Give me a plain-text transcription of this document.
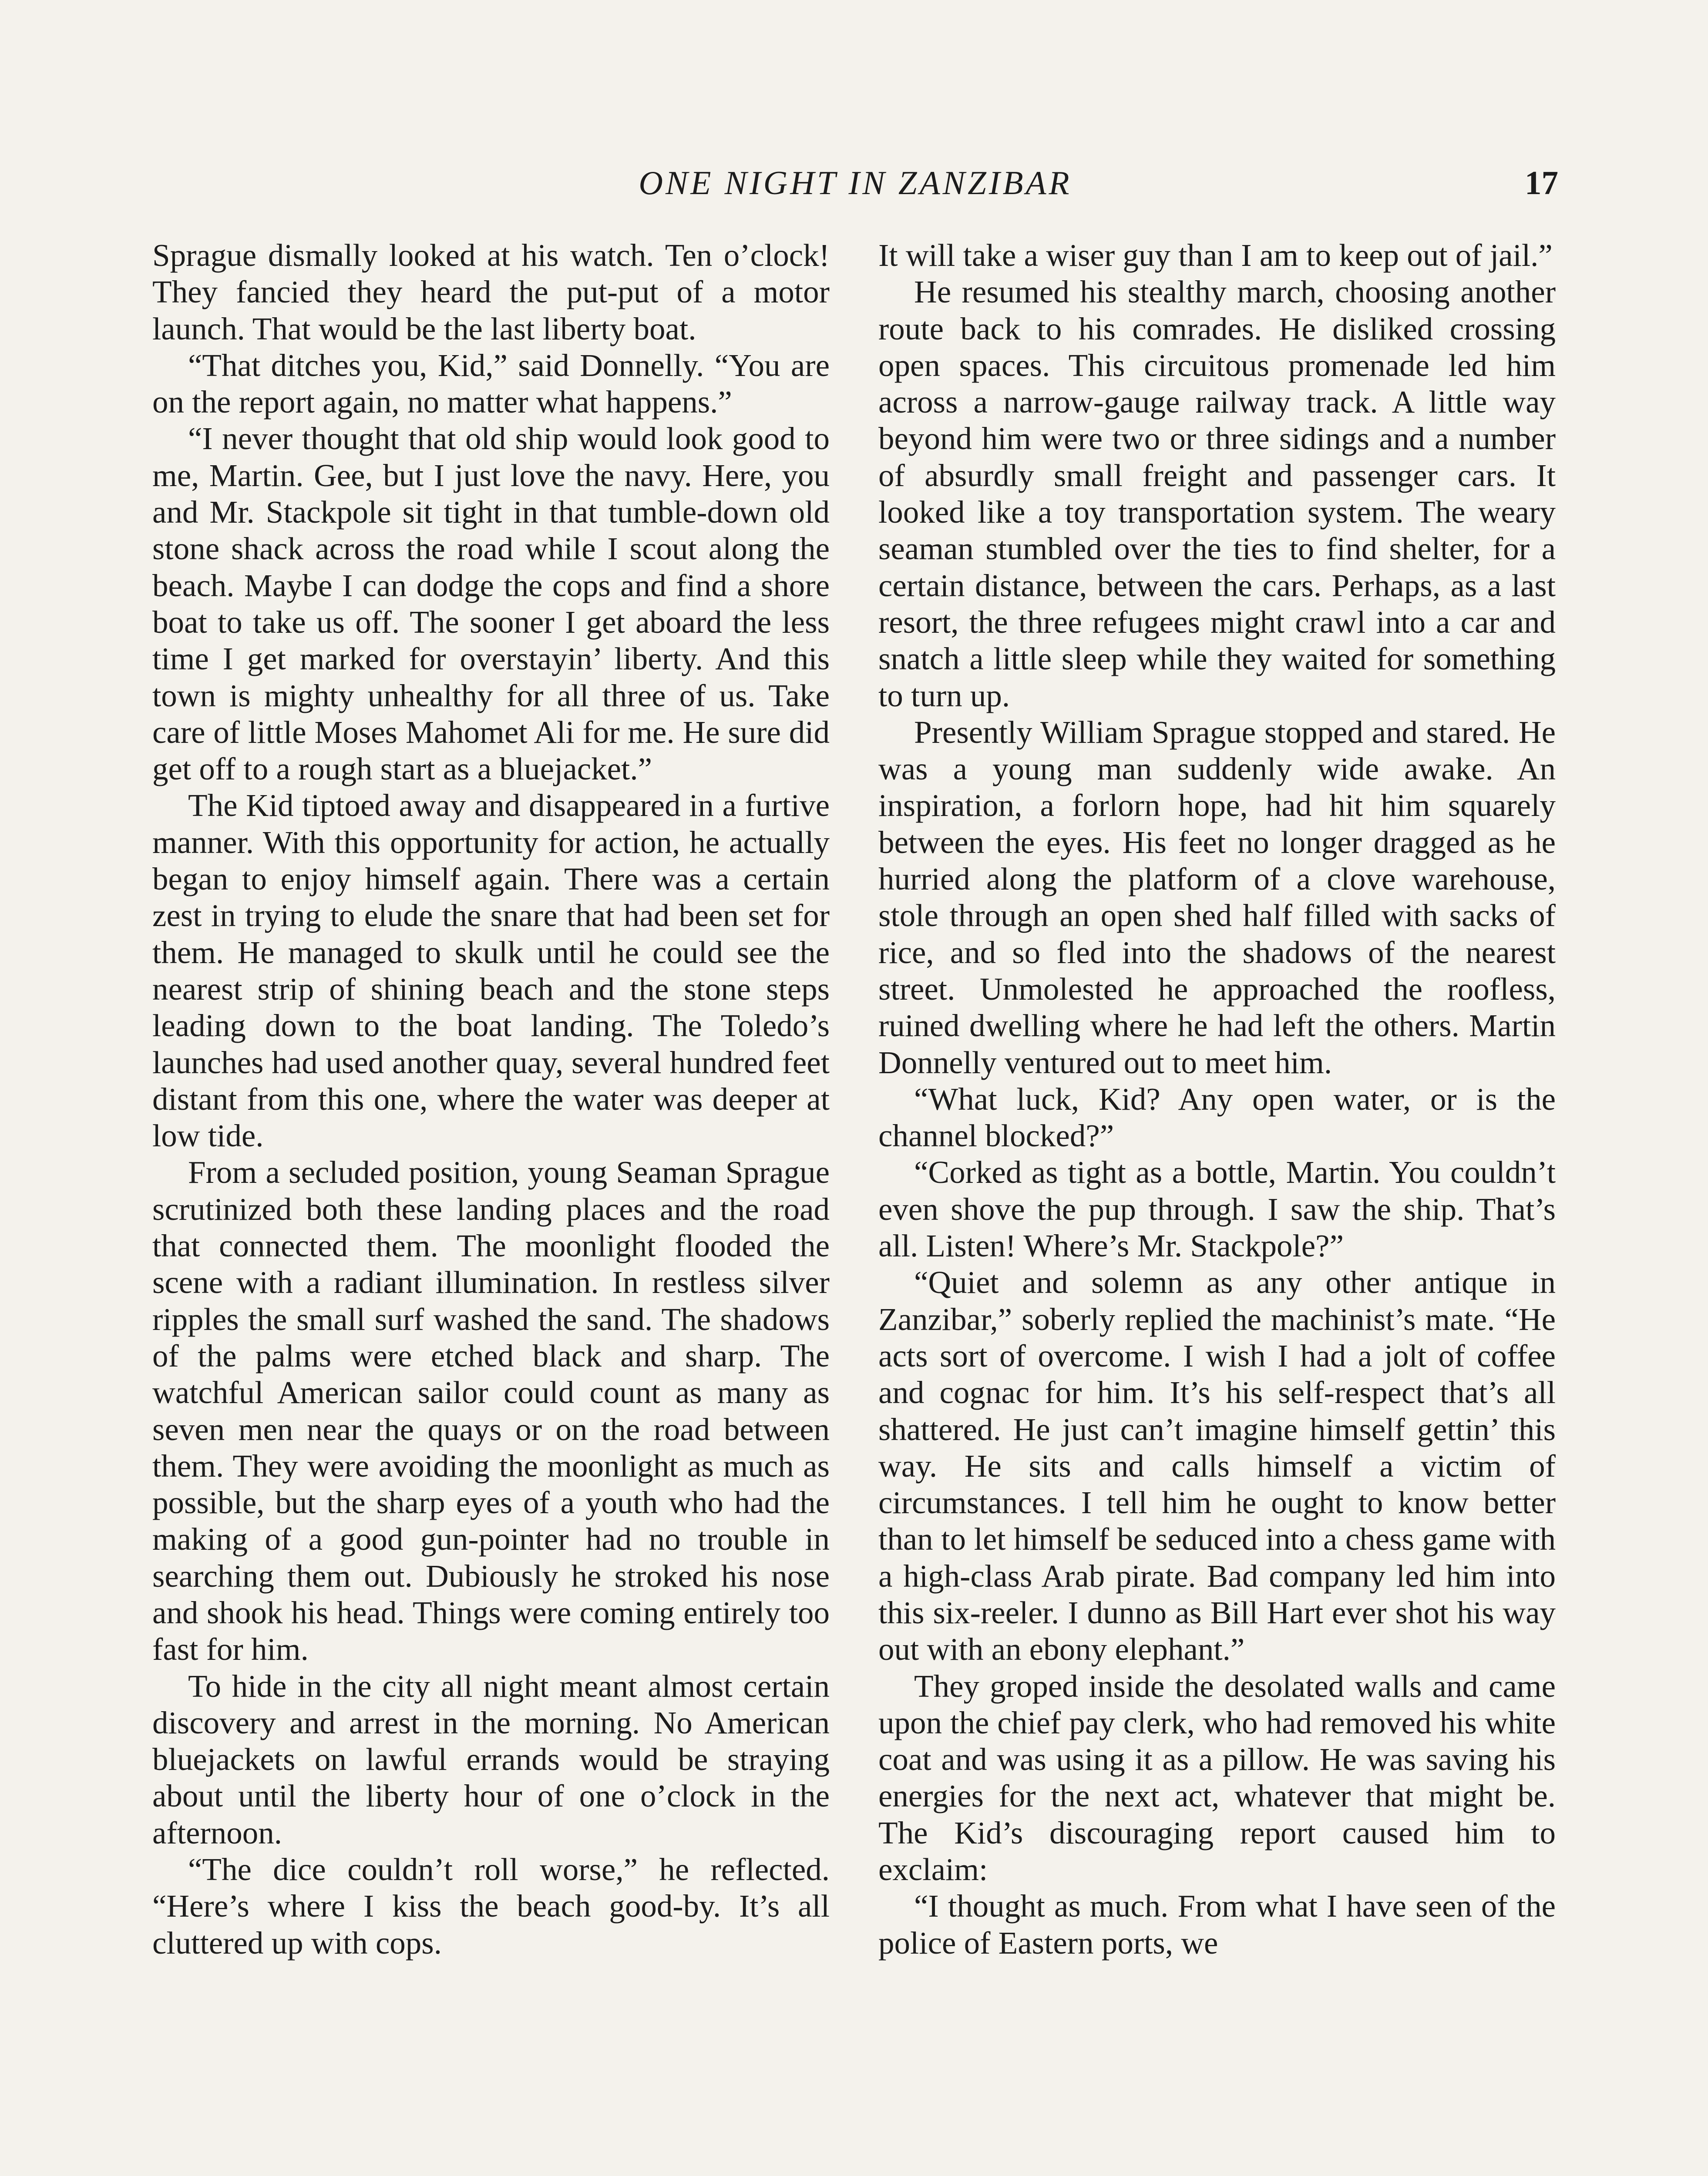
ONE NIGHT IN ZANZIBAR	17

Sprague dismally looked at his watch. Ten o’clock! They fancied they heard the put-put of a motor launch. That would be the last liberty boat.

“That ditches you, Kid,” said Donnelly. “You are on the report again, no matter what happens.”

“I never thought that old ship would look good to me, Martin. Gee, but I just love the navy. Here, you and Mr. Stackpole sit tight in that tumble-down old stone shack across the road while I scout along the beach. Maybe I can dodge the cops and find a shore boat to take us off. The sooner I get aboard the less time I get marked for overstayin’ liberty. And this town is mighty unhealthy for all three of us. Take care of little Moses Mahomet Ali for me. He sure did get off to a rough start as a bluejacket.”

The Kid tiptoed away and disappeared in a furtive manner. With this opportunity for action, he actually began to enjoy himself again. There was a certain zest in trying to elude the snare that had been set for them. He managed to skulk until he could see the nearest strip of shining beach and the stone steps leading down to the boat landing. The Toledo’s launches had used another quay, several hundred feet distant from this one, where the water was deeper at low tide.

From a secluded position, young Seaman Sprague scrutinized both these landing places and the road that connected them. The moonlight flooded the scene with a radiant illumination. In restless silver ripples the small surf washed the sand. The shadows of the palms were etched black and sharp. The watchful American sailor could count as many as seven men near the quays or on the road between them. They were avoiding the moonlight as much as possible, but the sharp eyes of a youth who had the making of a good gun-pointer had no trouble in searching them out. Dubiously he stroked his nose and shook his head. Things were coming entirely too fast for him.

To hide in the city all night meant almost certain discovery and arrest in the morning. No American bluejackets on lawful errands would be straying about until the liberty hour of one o’clock in the afternoon.

“The dice couldn’t roll worse,” he reflected. “Here’s where I kiss the beach good-by. It’s all cluttered up with cops.

It will take a wiser guy than I am to keep out of jail.”

He resumed his stealthy march, choosing another route back to his comrades. He disliked crossing open spaces. This circuitous promenade led him across a narrow-gauge railway track. A little way beyond him were two or three sidings and a number of absurdly small freight and passenger cars. It looked like a toy transportation system. The weary seaman stumbled over the ties to find shelter, for a certain distance, between the cars. Perhaps, as a last resort, the three refugees might crawl into a car and snatch a little sleep while they waited for something to turn up.

Presently William Sprague stopped and stared. He was a young man suddenly wide awake. An inspiration, a forlorn hope, had hit him squarely between the eyes. His feet no longer dragged as he hurried along the platform of a clove warehouse, stole through an open shed half filled with sacks of rice, and so fled into the shadows of the nearest street. Unmolested he approached the roofless, ruined dwelling where he had left the others. Martin Donnelly ventured out to meet him.

“What luck, Kid? Any open water, or is the channel blocked?”

“Corked as tight as a bottle, Martin. You couldn’t even shove the pup through. I saw the ship. That’s all. Listen! Where’s Mr. Stackpole?”

“Quiet and solemn as any other antique in Zanzibar,” soberly replied the machinist’s mate. “He acts sort of overcome. I wish I had a jolt of coffee and cognac for him. It’s his self-respect that’s all shattered. He just can’t imagine himself gettin’ this way. He sits and calls himself a victim of circumstances. I tell him he ought to know better than to let himself be seduced into a chess game with a high-class Arab pirate. Bad company led him into this six-reeler. I dunno as Bill Hart ever shot his way out with an ebony elephant.”

They groped inside the desolated walls and came upon the chief pay clerk, who had removed his white coat and was using it as a pillow. He was saving his energies for the next act, whatever that might be. The Kid’s discouraging report caused him to exclaim:

“I thought as much. From what I have seen of the police of Eastern ports, we
